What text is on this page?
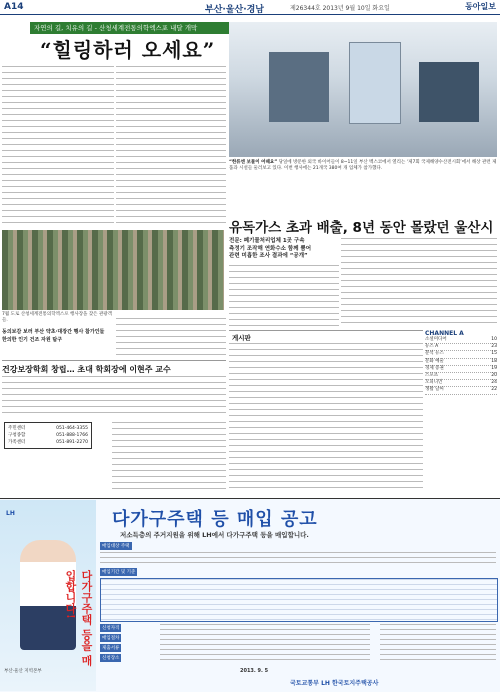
A14	부산·울산·경남	제26344호 2013년 9월 10일 화요일	동아일보
자연의 길, 치유의 길 - 산청세계전통의학엑스포 내달 개막
“힐링하러 오세요”
7월 도로 산청세계전통의학엑스포 행사장을 찾은 관광객들.
동의보감 보러 부산 약초·대장간 행사 참가인들
한의한 인기 건조 자원 탐구
건강보장학회 창립… 초대 학회장에 이현주 교수
주민센터	051-464-3355
구청종합	051-888-1766
가족센터	051-891-2270
“한류엔 보물이 어때요” 당일에 방문한 외국 바이어들이 8~11일 부산 벡스코에서 열리는 ‘제7회 국제해양수산전시회’에서 해상 관련 제품과 시설들 둘러보고 있다. 이번 행사에는 21개국 380여 개 업체가 참가했다.
유독가스 초과 배출, 8년 동안 몰랐던 울산시
전문: 폐기물처리업체 1곳 구속
측정기 조작해 연화수소 함께 뿜어
관련 미흡한 조사 결과에 “공개”
게시판
CHANNEL A
소셜미디어	10
뉴스 A	23
분석 뉴스	15
문화 예술	18
경제 증권	19
스포츠	20
오피니언	24
생활 날씨	22
LH
다가구주택 등을 매입합니다!
부산·울산 지역본부
다가구주택 등 매입 공고
저소득층의 주거지원을 위해 LH에서 다가구주택 등을 매입합니다.
매입대상 주택
매입기간 및 기준
신청자격
매입절차
제출서류
신청장소
2013. 9. 5
국토교통부 LH 한국토지주택공사
